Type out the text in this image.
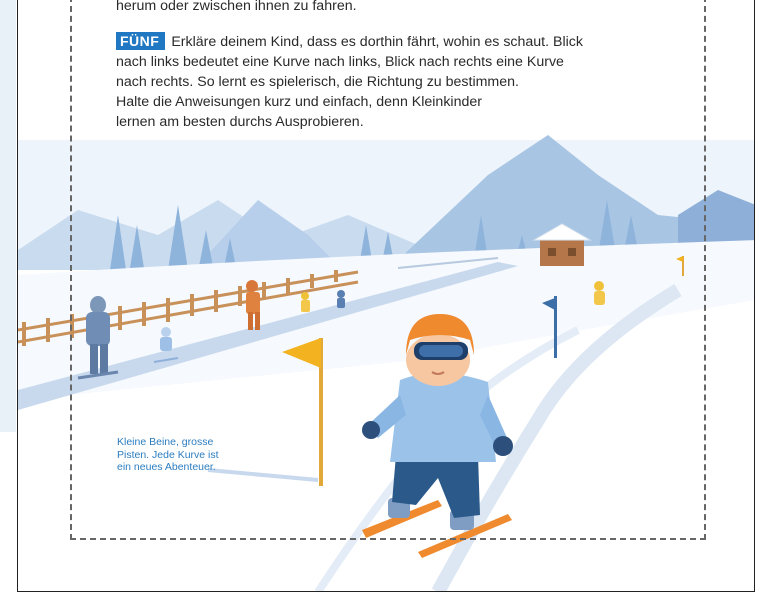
herum oder zwischen ihnen zu fahren.

FÜNF Erkläre deinem Kind, dass es dorthin fährt, wohin es schaut. Blick
nach links bedeutet eine Kurve nach links, Blick nach rechts eine Kurve
nach rechts. So lernt es spielerisch, die Richtung zu bestimmen.
Halte die Anweisungen kurz und einfach, denn Kleinkinder
lernen am besten durchs Ausprobieren.

Kleine Beine, grosse
Pisten. Jede Kurve ist
ein neues Abenteuer.
